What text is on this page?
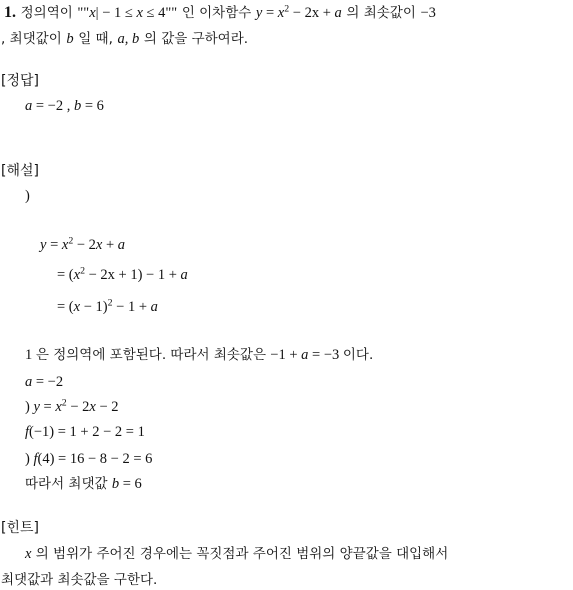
1. 정의역이 ""x| − 1 ≤ x ≤ 4"" 인 이차함수 $y = x^2 - 2x + a$ 의 최솟값이 −3
, 최댓값이 b 일 때, a, b 의 값을 구하여라.
[정답]
a = −2 , b = 6
[해설]
)
$y = x^2 - 2x + a$
= $(x^2 - 2x + 1) - 1 + a$
= $(x - 1)^2 - 1 + a$
1 은 정의역에 포함된다. 따라서 최솟값은 −1 + a = −3 이다.
a = −2
) $y = x^2 - 2x - 2$
f(−1) = 1 + 2 − 2 = 1
) f(4) = 16 − 8 − 2 = 6
따라서 최댓값 b = 6
[힌트]
x 의 범위가 주어진 경우에는 꼭짓점과 주어진 범위의 양끝값을 대입해서
최댓값과 최솟값을 구한다.
